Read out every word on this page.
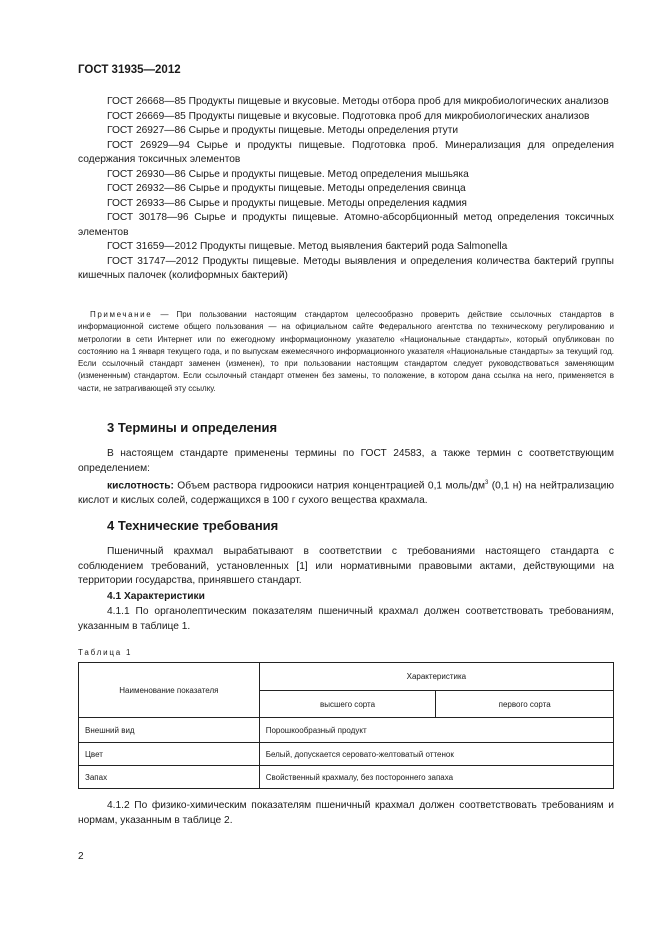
ГОСТ 31935—2012

ГОСТ 26668—85 Продукты пищевые и вкусовые. Методы отбора проб для микробиологических анализов

ГОСТ 26669—85 Продукты пищевые и вкусовые. Подготовка проб для микробиологических анализов

ГОСТ 26927—86 Сырье и продукты пищевые. Методы определения ртути

ГОСТ 26929—94 Сырье и продукты пищевые. Подготовка проб. Минерализация для определения содержания токсичных элементов

ГОСТ 26930—86 Сырье и продукты пищевые. Метод определения мышьяка

ГОСТ 26932—86 Сырье и продукты пищевые. Методы определения свинца

ГОСТ 26933—86 Сырье и продукты пищевые. Методы определения кадмия

ГОСТ 30178—96 Сырье и продукты пищевые. Атомно-абсорбционный метод определения токсичных элементов

ГОСТ 31659—2012 Продукты пищевые. Метод выявления бактерий рода Salmonella

ГОСТ 31747—2012 Продукты пищевые. Методы выявления и определения количества бактерий группы кишечных палочек (колиформных бактерий)

Примечание — При пользовании настоящим стандартом целесообразно проверить действие ссылочных стандартов в информационной системе общего пользования — на официальном сайте Федерального агентства по техническому регулированию и метрологии в сети Интернет или по ежегодному информационному указателю «Национальные стандарты», который опубликован по состоянию на 1 января текущего года, и по выпускам ежемесячного информационного указателя «Национальные стандарты» за текущий год. Если ссылочный стандарт заменен (изменен), то при пользовании настоящим стандартом следует руководствоваться заменяющим (измененным) стандартом. Если ссылочный стандарт отменен без замены, то положение, в котором дана ссылка на него, применяется в части, не затрагивающей эту ссылку.
3 Термины и определения

В настоящем стандарте применены термины по ГОСТ 24583, а также термин с соответствующим определением:

кислотность: Объем раствора гидроокиси натрия концентрацией 0,1 моль/$дм^3$ (0,1 н) на нейтрализацию кислот и кислых солей, содержащихся в 100 г сухого вещества крахмала.

4 Технические требования

Пшеничный крахмал вырабатывают в соответствии с требованиями настоящего стандарта с соблюдением требований, установленных [1] или нормативными правовыми актами, действующими на территории государства, принявшего стандарт.

4.1 Характеристики

4.1.1 По органолептическим показателям пшеничный крахмал должен соответствовать требованиям, указанным в таблице 1.

Таблица 1
Наименование показателя	Характеристика	
	высшего сорта	первого сорта
Внешний вид	Порошкообразный продукт	
Цвет	Белый, допускается серовато-желтоватый оттенок	
Запах	Свойственный крахмалу, без постороннего запаха	

4.1.2 По физико-химическим показателям пшеничный крахмал должен соответствовать требованиям и нормам, указанным в таблице 2.

2
